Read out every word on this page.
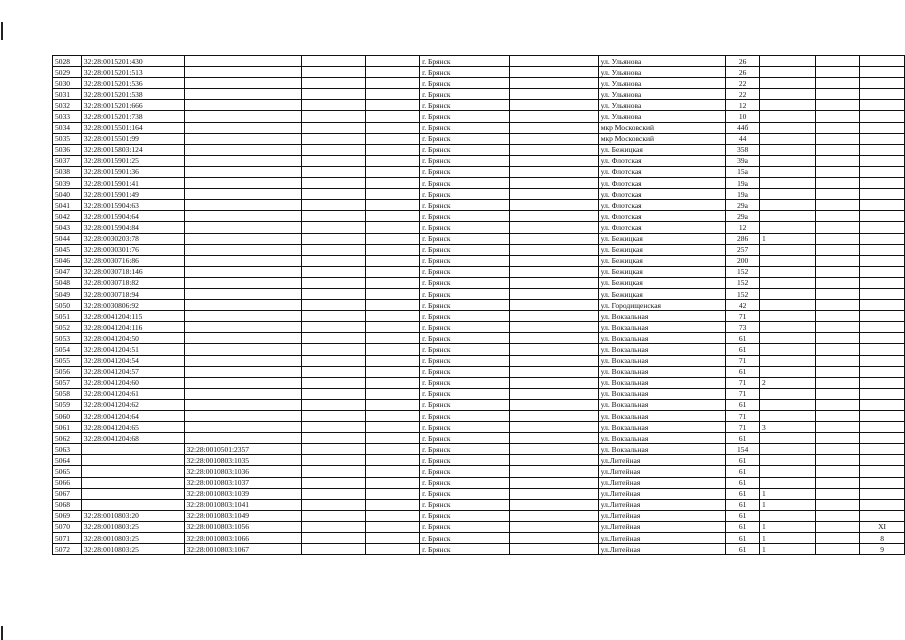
5028	32:28:0015201:430				г. Брянск		ул. Ульянова	26			
5029	32:28:0015201:513				г. Брянск		ул. Ульянова	26			
5030	32:28:0015201:536				г. Брянск		ул. Ульянова	22			
5031	32:28:0015201:538				г. Брянск		ул. Ульянова	22			
5032	32:28:0015201:666				г. Брянск		ул. Ульянова	12			
5033	32:28:0015201:738				г. Брянск		ул. Ульянова	10			
5034	32:28:0015501:164				г. Брянск		мкр Московский	44б			
5035	32:28:0015501:99				г. Брянск		мкр Московский	44			
5036	32:28:0015803:124				г. Брянск		ул. Бежицкая	358			
5037	32:28:0015901:25				г. Брянск		ул. Флотская	39а			
5038	32:28:0015901:36				г. Брянск		ул. Флотская	15а			
5039	32:28:0015901:41				г. Брянск		ул. Флотская	19а			
5040	32:28:0015901:49				г. Брянск		ул. Флотская	19а			
5041	32:28:0015904:63				г. Брянск		ул. Флотская	29а			
5042	32:28:0015904:64				г. Брянск		ул. Флотская	29а			
5043	32:28:0015904:84				г. Брянск		ул. Флотская	12			
5044	32:28:0030203:78				г. Брянск		ул. Бежицкая	286	1		
5045	32:28:0030301:76				г. Брянск		ул. Бежицкая	257			
5046	32:28:0030716:86				г. Брянск		ул. Бежицкая	200			
5047	32:28:0030718:146				г. Брянск		ул. Бежицкая	152			
5048	32:28:0030718:82				г. Брянск		ул. Бежицкая	152			
5049	32:28:0030718:94				г. Брянск		ул. Бежицкая	152			
5050	32:28:0030806:92				г. Брянск		ул. Городищенская	42			
5051	32:28:0041204:115				г. Брянск		ул. Вокзальная	71			
5052	32:28:0041204:116				г. Брянск		ул. Вокзальная	73			
5053	32:28:0041204:50				г. Брянск		ул. Вокзальная	61			
5054	32:28:0041204:51				г. Брянск		ул. Вокзальная	61			
5055	32:28:0041204:54				г. Брянск		ул. Вокзальная	71			
5056	32:28:0041204:57				г. Брянск		ул. Вокзальная	61			
5057	32:28:0041204:60				г. Брянск		ул. Вокзальная	71	2		
5058	32:28:0041204:61				г. Брянск		ул. Вокзальная	71			
5059	32:28:0041204:62				г. Брянск		ул. Вокзальная	61			
5060	32:28:0041204:64				г. Брянск		ул. Вокзальная	71			
5061	32:28:0041204:65				г. Брянск		ул. Вокзальная	71	3		
5062	32:28:0041204:68				г. Брянск		ул. Вокзальная	61			
5063		32:28:0010501:2357			г. Брянск		ул. Вокзальная	154			
5064		32:28:0010803:1035			г. Брянск		ул.Литейная	61			
5065		32:28:0010803:1036			г. Брянск		ул.Литейная	61			
5066		32:28:0010803:1037			г. Брянск		ул.Литейная	61			
5067		32:28:0010803:1039			г. Брянск		ул.Литейная	61	1		
5068		32:28:0010803:1041			г. Брянск		ул.Литейная	61	1		
5069	32:28:0010803:20	32:28:0010803:1049			г. Брянск		ул.Литейная	61			
5070	32:28:0010803:25	32:28:0010803:1056			г. Брянск		ул.Литейная	61	1		XI
5071	32:28:0010803:25	32:28:0010803:1066			г. Брянск		ул.Литейная	61	1		8
5072	32:28:0010803:25	32:28:0010803:1067			г. Брянск		ул.Литейная	61	1		9
